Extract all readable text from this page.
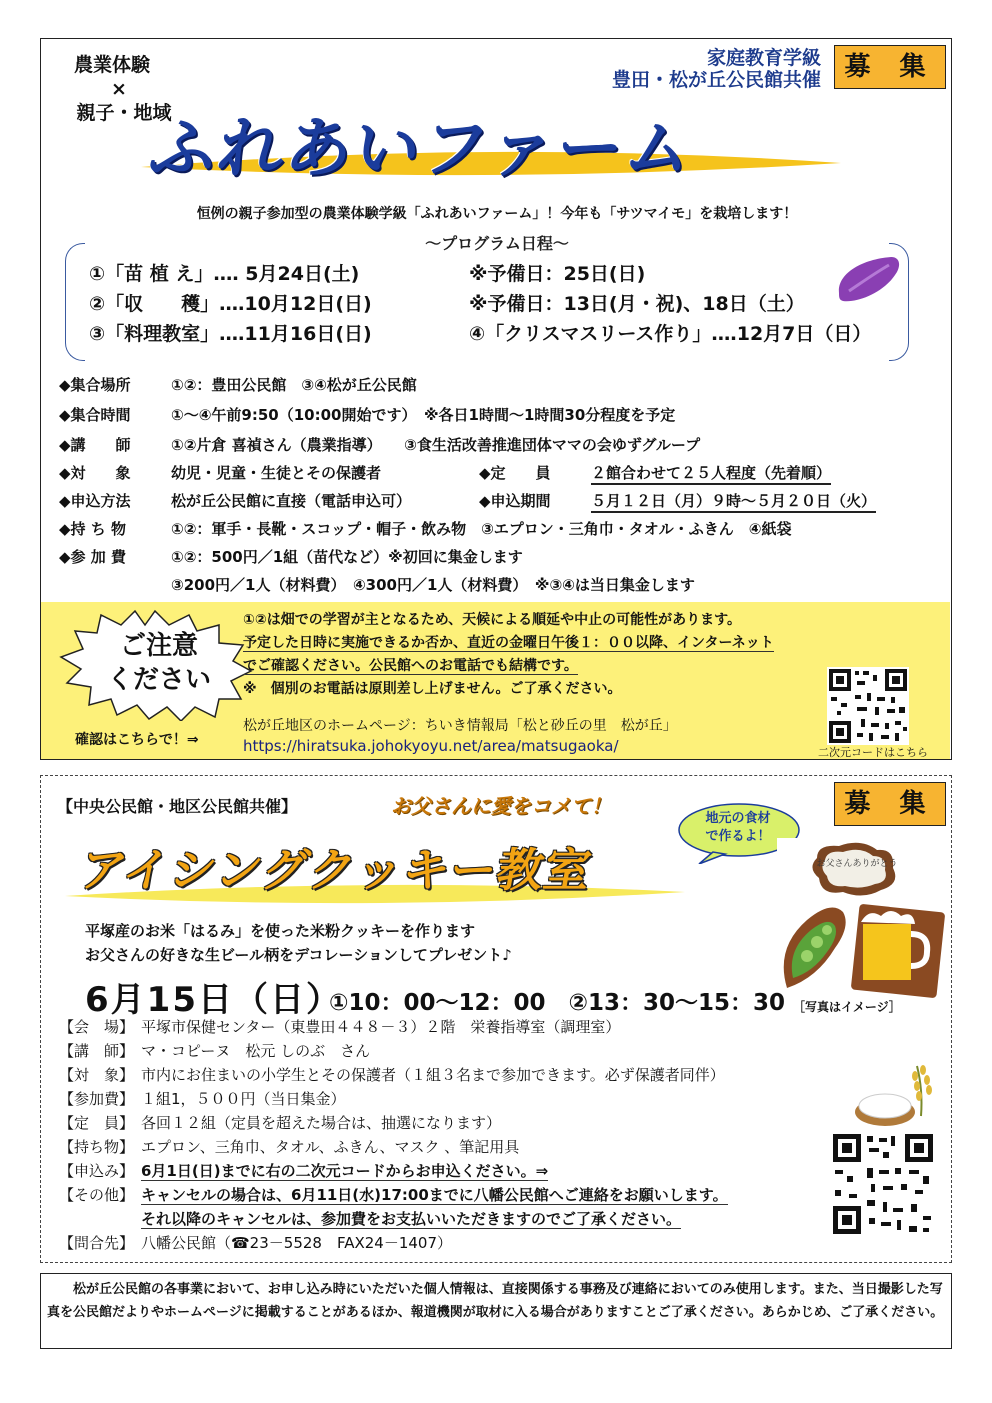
募 集
家庭教育学級
豊田・松が丘公民館共催
農業体験
×
親子・地域
ふれあいファーム
恒例の親子参加型の農業体験学級「ふれあいファーム」！今年も「サツマイモ」を栽培します！
～プログラム日程～
①「苗 植 え」‥‥ 5月24日(土)	※予備日：25日(日)
②「収　　穫」‥‥10月12日(日)	※予備日：13日(月・祝)、18日（土）
③「料理教室」‥‥11月16日(日)	④「クリスマスリース作り」‥‥12月7日（日）
◆集合場所	①②：豊田公民館　③④松が丘公民館
◆集合時間	①～④午前9:50（10:00開始です）　※各日1時間～1時間30分程度を予定
◆講　　師	①②片倉 喜禎さん（農業指導）　　③食生活改善推進団体ママの会ゆずグループ
◆対　　象	幼児・児童・生徒とその保護者	◆定　　員	２館合わせて２５人程度（先着順）
◆申込方法	松が丘公民館に直接（電話申込可）	◆申込期間	５月１２日（月）９時～５月２０日（火）
◆持 ち 物	①②：軍手・長靴・スコップ・帽子・飲み物　③エプロン・三角巾・タオル・ふきん　④紙袋
◆参 加 費	①②：500円／1組（苗代など）※初回に集金します
③200円／1人（材料費）　④300円／1人（材料費）　※③④は当日集金します
ご注意
ください
①②は畑での学習が主となるため、天候による順延や中止の可能性があります。
予定した日時に実施できるか否か、直近の金曜日午後１：００以降、インターネット
でご確認ください。公民館へのお電話でも結構です。
※　個別のお電話は原則差し上げません。ご了承ください。
確認はこちらで！⇒
松が丘地区のホームページ：ちいき情報局「松と砂丘の里　松が丘」
https://hiratsuka.johokyoyu.net/area/matsugaoka/	二次元コードはこちら
募 集
【中央公民館・地区公民館共催】	お父さんに愛をコメて！
地元の食材
で作るよ！
アイシングクッキー教室
平塚産のお米「はるみ」を使った米粉クッキーを作ります
お父さんの好きな生ビール柄をデコレーションしてプレゼント♪
お父さんありがとう
［写真はイメージ］
6月15日（日）
①10：00～12：00　②13：30～15：30
【会　場】 平塚市保健センター（東豊田４４８－３）２階　栄養指導室（調理室）
【講　師】 マ・コピーヌ　松元 しのぶ　さん
【対　象】 市内にお住まいの小学生とその保護者（１組３名まで参加できます。必ず保護者同伴）
【参加費】 １組1，５００円（当日集金）
【定　員】 各回１２組（定員を超えた場合は、抽選になります）
【持ち物】 エプロン、三角巾、タオル、ふきん、マスク 、筆記用具
【申込み】 6月1日(日)までに右の二次元コードからお申込ください。⇒
【その他】 キャンセルの場合は、6月11日(水)17:00までに八幡公民館へご連絡をお願いします。
それ以降のキャンセルは、参加費をお支払いいただきますのでご了承ください。
【問合先】 八幡公民館（☎23－5528　FAX24－1407）

松が丘公民館の各事業において、お申し込み時にいただいた個人情報は、直接関係する事務及び連絡においてのみ使用します。また、当日撮影した写真を公民館だよりやホームページに掲載することがあるほか、報道機関が取材に入る場合がありますことご了承ください。あらかじめ、ご了承ください。
